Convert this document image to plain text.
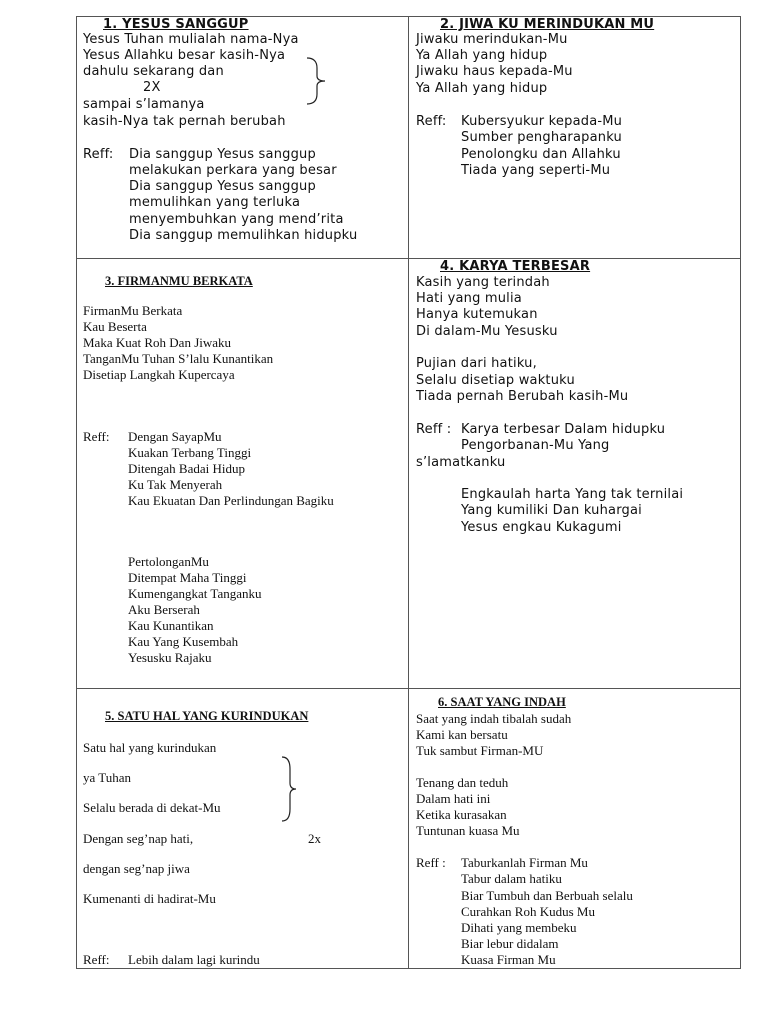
1. YESUS SANGGUP
Yesus Tuhan mulialah nama-Nya
Yesus Allahku besar kasih-Nya
dahulu sekarang dan
2X
sampai s’lamanya
kasih-Nya tak pernah berubah
Reff: Dia sanggup Yesus sanggup
melakukan perkara yang besar
Dia sanggup Yesus sanggup
memulihkan yang terluka
menyembuhkan yang mend’rita
Dia sanggup memulihkan hidupku
2. JIWA KU MERINDUKAN MU
Jiwaku merindukan-Mu
Ya Allah yang hidup
Jiwaku haus kepada-Mu
Ya Allah yang hidup
Reff: Kubersyukur kepada-Mu
Sumber pengharapanku
Penolongku dan Allahku
Tiada yang seperti-Mu
3. FIRMANMU BERKATA
FirmanMu Berkata
Kau Beserta
Maka Kuat Roh Dan Jiwaku
TanganMu Tuhan S’lalu Kunantikan
Disetiap Langkah Kupercaya
Reff: Dengan SayapMu
Kuakan Terbang Tinggi
Ditengah Badai Hidup
Ku Tak Menyerah
Kau Ekuatan Dan Perlindungan Bagiku
PertolonganMu
Ditempat Maha Tinggi
Kumengangkat Tanganku
Aku Berserah
Kau Kunantikan
Kau Yang Kusembah
Yesusku Rajaku
4. KARYA TERBESAR
Kasih yang terindah
Hati yang mulia
Hanya kutemukan
Di dalam-Mu Yesusku
Pujian dari hatiku,
Selalu disetiap waktuku
Tiada pernah Berubah kasih-Mu
Reff : Karya terbesar Dalam hidupku
Pengorbanan-Mu Yang
s’lamatkanku
Engkaulah harta Yang tak ternilai
Yang kumiliki Dan kuhargai
Yesus engkau Kukagumi
5. SATU HAL YANG KURINDUKAN
Satu hal yang kurindukan
ya Tuhan
Selalu berada di dekat-Mu
Dengan seg’nap hati,	2x
dengan seg’nap jiwa
Kumenanti di hadirat-Mu
Reff: Lebih dalam lagi kurindu
6. SAAT YANG INDAH
Saat yang indah tibalah sudah
Kami kan bersatu
Tuk sambut Firman-MU
Tenang dan teduh
Dalam hati ini
Ketika kurasakan
Tuntunan kuasa Mu
Reff : Taburkanlah Firman Mu
Tabur dalam hatiku
Biar Tumbuh dan Berbuah selalu
Curahkan Roh Kudus Mu
Dihati yang membeku
Biar lebur didalam
Kuasa Firman Mu
